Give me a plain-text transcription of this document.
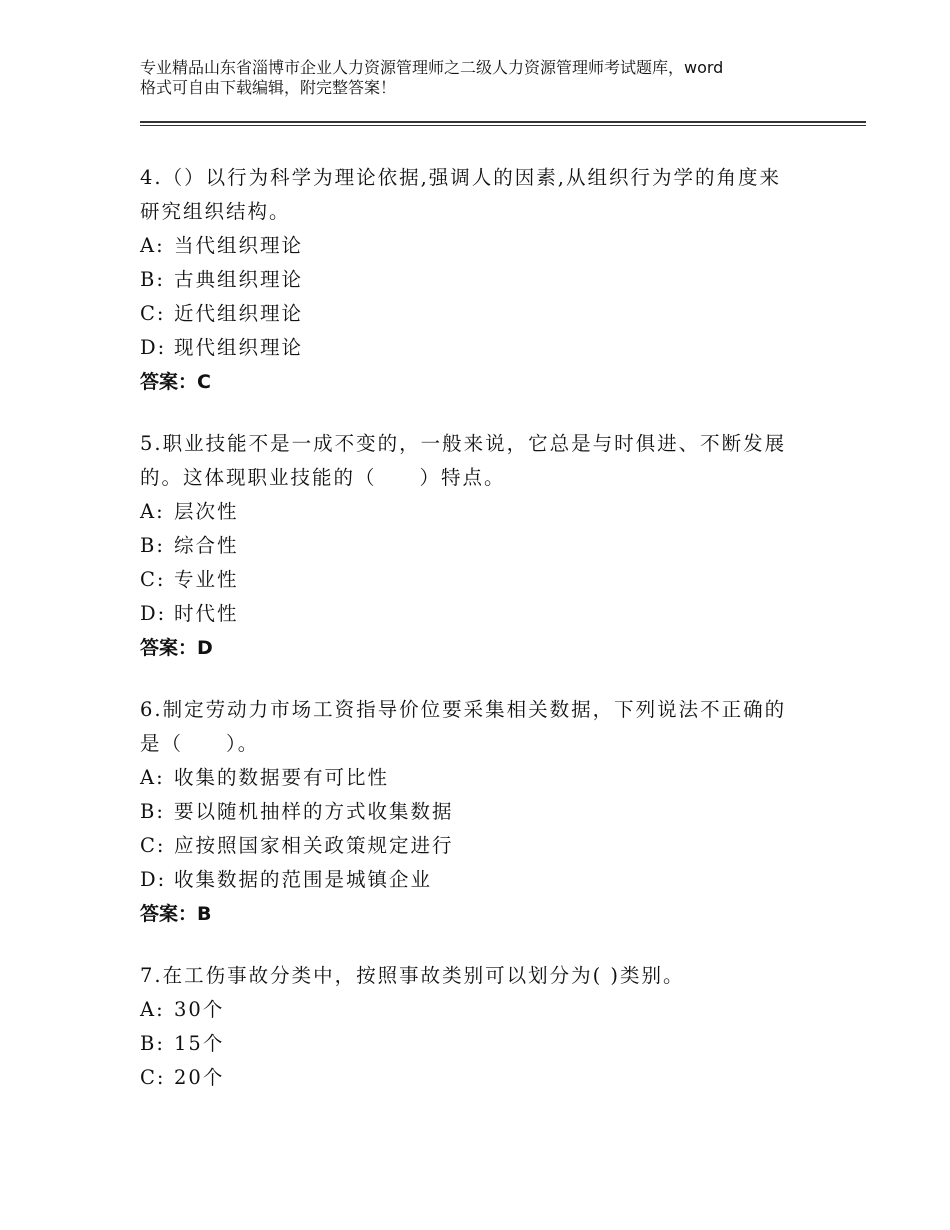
专业精品山东省淄博市企业人力资源管理师之二级人力资源管理师考试题库，word
格式可自由下载编辑，附完整答案！
4.（）以行为科学为理论依据,强调人的因素,从组织行为学的角度来
研究组织结构。
A: 当代组织理论
B: 古典组织理论
C: 近代组织理论
D: 现代组织理论
答案：C
5.职业技能不是一成不变的，一般来说，它总是与时俱进、不断发展
的。这体现职业技能的（　　）特点。
A: 层次性
B: 综合性
C: 专业性
D: 时代性
答案：D
6.制定劳动力市场工资指导价位要采集相关数据，下列说法不正确的
是（　　）。
A: 收集的数据要有可比性
B: 要以随机抽样的方式收集数据
C: 应按照国家相关政策规定进行
D: 收集数据的范围是城镇企业
答案：B
7.在工伤事故分类中，按照事故类别可以划分为( )类别。
A: 30个
B: 15个
C: 20个
